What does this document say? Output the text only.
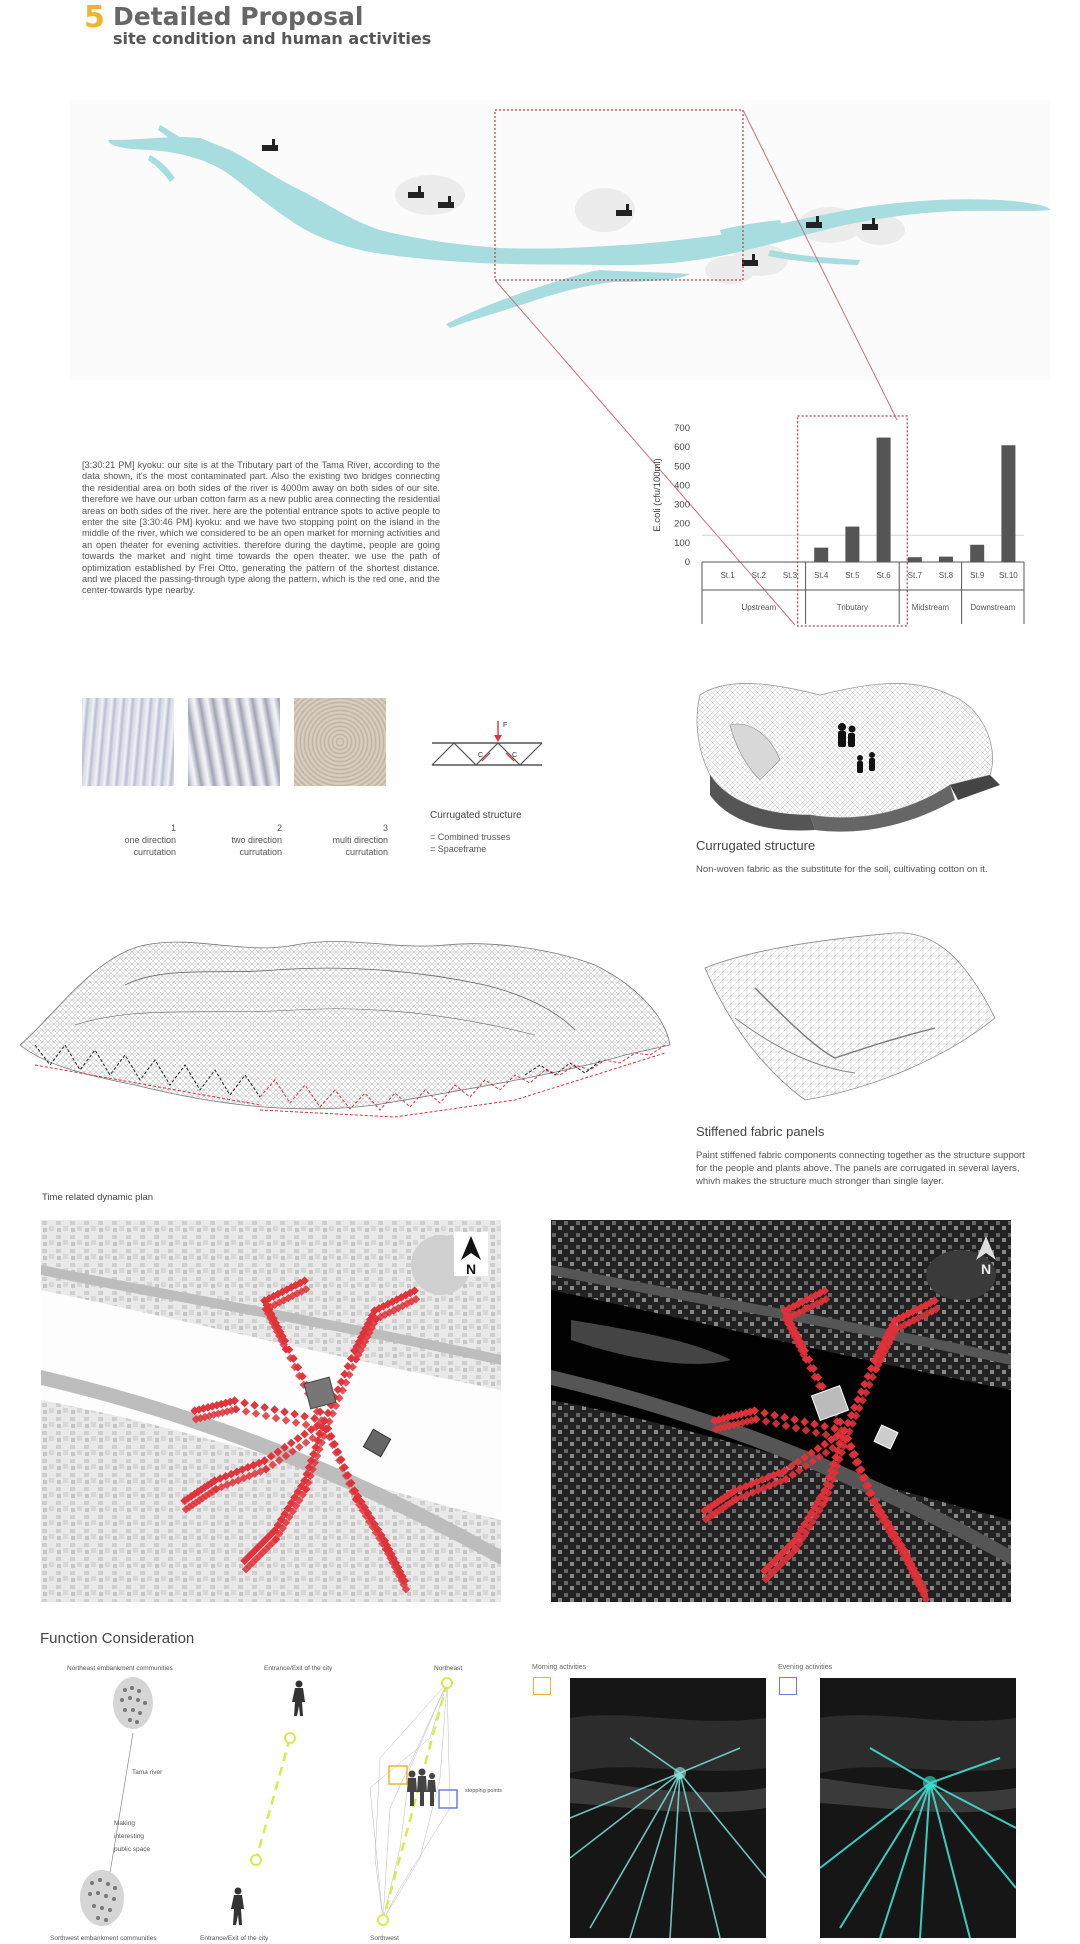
5 Detailed Proposal
site condition and human activities
[3:30:21 PM] kyoku: our site is at the Tributary part of the Tama River, according to the data shown, it's the most contaminated part. Also the existing two bridges connecting the residential area on both sides of the river is 4000m away on both sides of our site. therefore we have our urban cotton farm as a new public area connecting the residential areas on both sides of the river. here are the potential entrance spots to active people to enter the site [3:30:46 PM] kyoku: and we have two stopping point on the island in the middle of the river, which we considered to be an open market for morning activities and an open theater for evening activities. therefore during the daytime, people are going towards the market and night time towards the open theater. we use the path of optimization established by Frei Otto, generating the pattern of the shortest distance. and we placed the passing-through type along the pattern, which is the red one, and the center-towards type nearby.
E.coli (cfu/100ml)
0
100
200
300
400
500
600
700
St.1 St.2 St.3 St.4 St.5 St.6 St.7 St.8 St.9 St.10
Upstream	Tributary	Midstream	Downstream
1
one direction
currutation
2
two direction
currutation
3
multi direction
currutation
F
C	C
Currugated structure
= Combined trusses
= Spaceframe	Currugated structure
Non-woven fabric as the substitute for the soil, cultivating cotton on it.
Stiffened fabric panels
Paint stiffened fabric components connecting together as the structure support for the people and plants above. The panels are corrugated in several layers, whivh makes the structure much stronger than single layer.
Time related dynamic plan
N	N
Function Consideration
Northeast embankment communities
Tama river
Making
interesting
public space
Sorthwest embankment communities
Entrance/Exit of the city
Entrance/Exit of the city
Northeast
stopping points
Sorthwest
Morning activities	Evening activities
